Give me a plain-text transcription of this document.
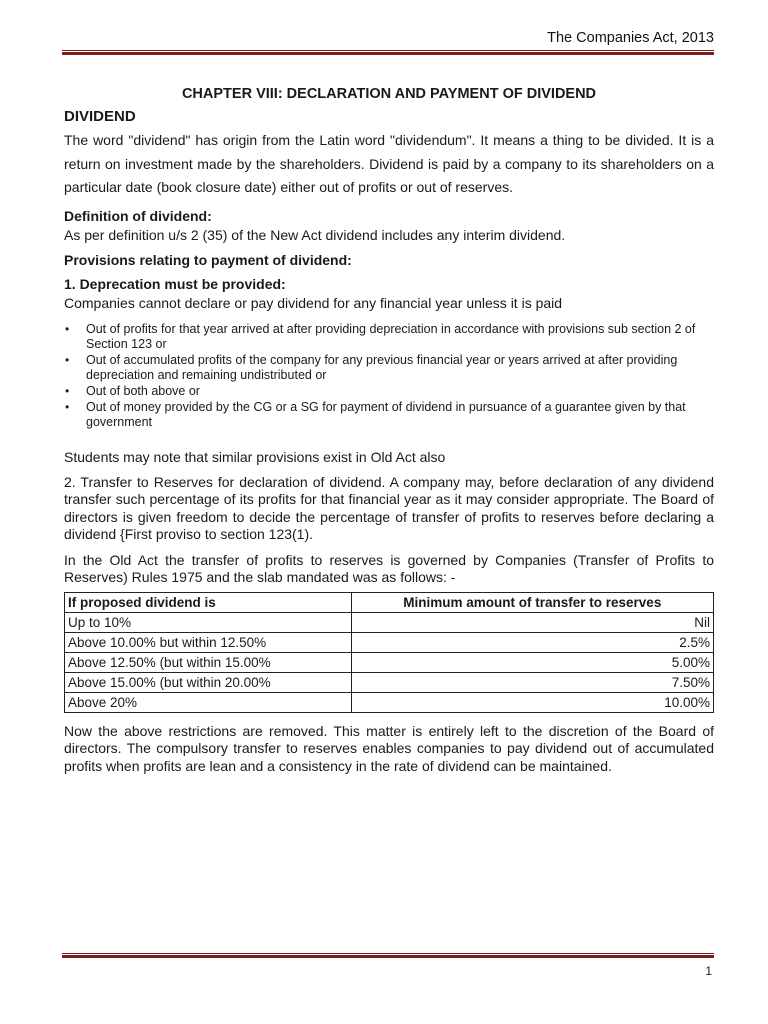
The Companies Act, 2013
CHAPTER VIII: DECLARATION AND PAYMENT OF DIVIDEND
DIVIDEND

The word "dividend" has origin from the Latin word "dividendum". It means a thing to be divided. It is a return on investment made by the shareholders. Dividend is paid by a company to its shareholders on a particular date (book closure date) either out of profits or out of reserves.

Definition of dividend:

As per definition u/s 2 (35) of the New Act dividend includes any interim dividend.

Provisions relating to payment of dividend:
1. Deprecation must be provided:

Companies cannot declare or pay dividend for any financial year unless it is paid

• Out of profits for that year arrived at after providing depreciation in accordance with provisions sub section 2 of Section 123 or
• Out of accumulated profits of the company for any previous financial year or years arrived at after providing depreciation and remaining undistributed or
• Out of both above or
• Out of money provided by the CG or a SG for payment of dividend in pursuance of a guarantee given by that government

Students may note that similar provisions exist in Old Act also

2. Transfer to Reserves for declaration of dividend. A company may, before declaration of any dividend transfer such percentage of its profits for that financial year as it may consider appropriate. The Board of directors is given freedom to decide the percentage of transfer of profits to reserves before declaring a dividend {First proviso to section 123(1).

In the Old Act the transfer of profits to reserves is governed by Companies (Transfer of Profits to Reserves) Rules 1975 and the slab mandated was as follows: -

If proposed dividend is	Minimum amount of transfer to reserves
Up to 10%	Nil
Above 10.00% but within 12.50%	2.5%
Above 12.50% (but within 15.00%	5.00%
Above 15.00% (but within 20.00%	7.50%
Above 20%	10.00%

Now the above restrictions are removed. This matter is entirely left to the discretion of the Board of directors. The compulsory transfer to reserves enables companies to pay dividend out of accumulated profits when profits are lean and a consistency in the rate of dividend can be maintained.

1
